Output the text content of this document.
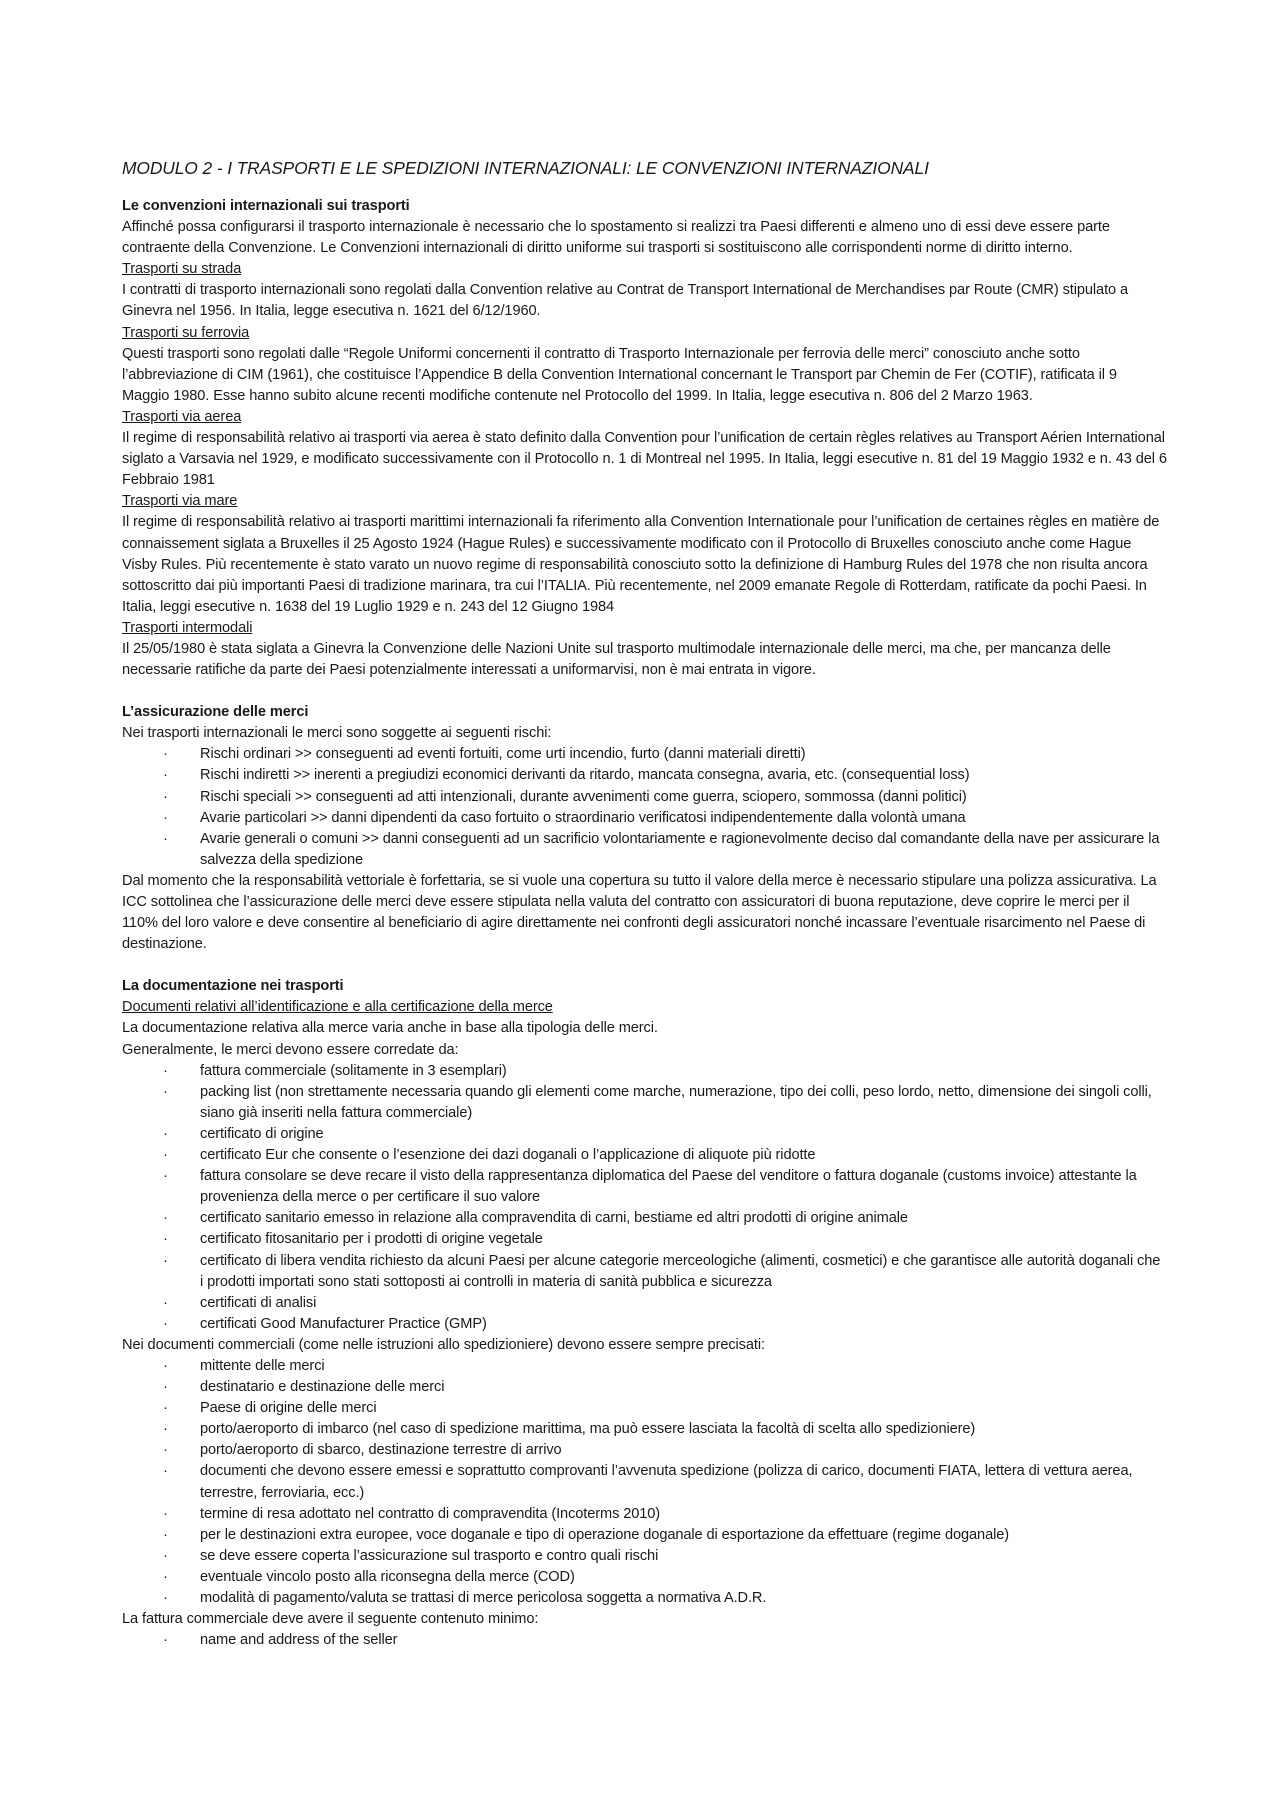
MODULO 2 - I TRASPORTI E LE SPEDIZIONI INTERNAZIONALI: LE CONVENZIONI INTERNAZIONALI

Le convenzioni internazionali sui trasporti

Affinché possa configurarsi il trasporto internazionale è necessario che lo spostamento si realizzi tra Paesi differenti e almeno uno di essi deve essere parte contraente della Convenzione. Le Convenzioni internazionali di diritto uniforme sui trasporti si sostituiscono alle corrispondenti norme di diritto interno.

Trasporti su strada

I contratti di trasporto internazionali sono regolati dalla Convention relative au Contrat de Transport International de Merchandises par Route (CMR) stipulato a Ginevra nel 1956. In Italia, legge esecutiva n. 1621 del 6/12/1960.

Trasporti su ferrovia

Questi trasporti sono regolati dalle “Regole Uniformi concernenti il contratto di Trasporto Internazionale per ferrovia delle merci” conosciuto anche sotto l’abbreviazione di CIM (1961), che costituisce l’Appendice B della Convention International concernant le Transport par Chemin de Fer (COTIF), ratificata il 9 Maggio 1980. Esse hanno subito alcune recenti modifiche contenute nel Protocollo del 1999. In Italia, legge esecutiva n. 806 del 2 Marzo 1963.

Trasporti via aerea

Il regime di responsabilità relativo ai trasporti via aerea è stato definito dalla Convention pour l’unification de certain règles relatives au Transport Aérien International siglato a Varsavia nel 1929, e modificato successivamente con il Protocollo n. 1 di Montreal nel 1995. In Italia, leggi esecutive n. 81 del 19 Maggio 1932 e n. 43 del 6 Febbraio 1981

Trasporti via mare

Il regime di responsabilità relativo ai trasporti marittimi internazionali fa riferimento alla Convention Internationale pour l’unification de certaines règles en matière de connaissement siglata a Bruxelles il 25 Agosto 1924 (Hague Rules) e successivamente modificato con il Protocollo di Bruxelles conosciuto anche come Hague Visby Rules. Più recentemente è stato varato un nuovo regime di responsabilità conosciuto sotto la definizione di Hamburg Rules del 1978 che non risulta ancora sottoscritto dai più importanti Paesi di tradizione marinara, tra cui l’ITALIA. Più recentemente, nel 2009 emanate Regole di Rotterdam, ratificate da pochi Paesi. In Italia, leggi esecutive n. 1638 del 19 Luglio 1929 e n. 243 del 12 Giugno 1984

Trasporti intermodali

Il 25/05/1980 è stata siglata a Ginevra la Convenzione delle Nazioni Unite sul trasporto multimodale internazionale delle merci, ma che, per mancanza delle necessarie ratifiche da parte dei Paesi potenzialmente interessati a uniformarvisi, non è mai entrata in vigore.

L’assicurazione delle merci

Nei trasporti internazionali le merci sono soggette ai seguenti rischi:

· Rischi ordinari >> conseguenti ad eventi fortuiti, come urti incendio, furto (danni materiali diretti)
· Rischi indiretti >> inerenti a pregiudizi economici derivanti da ritardo, mancata consegna, avaria, etc. (consequential loss)
· Rischi speciali >> conseguenti ad atti intenzionali, durante avvenimenti come guerra, sciopero, sommossa (danni politici)
· Avarie particolari >> danni dipendenti da caso fortuito o straordinario verificatosi indipendentemente dalla volontà umana
· Avarie generali o comuni >> danni conseguenti ad un sacrificio volontariamente e ragionevolmente deciso dal comandante della nave per assicurare la salvezza della spedizione

Dal momento che la responsabilità vettoriale è forfettaria, se si vuole una copertura su tutto il valore della merce è necessario stipulare una polizza assicurativa. La ICC sottolinea che l’assicurazione delle merci deve essere stipulata nella valuta del contratto con assicuratori di buona reputazione, deve coprire le merci per il 110% del loro valore e deve consentire al beneficiario di agire direttamente nei confronti degli assicuratori nonché incassare l’eventuale risarcimento nel Paese di destinazione.

La documentazione nei trasporti

Documenti relativi all’identificazione e alla certificazione della merce

La documentazione relativa alla merce varia anche in base alla tipologia delle merci.

Generalmente, le merci devono essere corredate da:

· fattura commerciale (solitamente in 3 esemplari)
· packing list (non strettamente necessaria quando gli elementi come marche, numerazione, tipo dei colli, peso lordo, netto, dimensione dei singoli colli, siano già inseriti nella fattura commerciale)
· certificato di origine
· certificato Eur che consente o l’esenzione dei dazi doganali o l’applicazione di aliquote più ridotte
· fattura consolare se deve recare il visto della rappresentanza diplomatica del Paese del venditore o fattura doganale (customs invoice) attestante la provenienza della merce o per certificare il suo valore
· certificato sanitario emesso in relazione alla compravendita di carni, bestiame ed altri prodotti di origine animale
· certificato fitosanitario per i prodotti di origine vegetale
· certificato di libera vendita richiesto da alcuni Paesi per alcune categorie merceologiche (alimenti, cosmetici) e che garantisce alle autorità doganali che i prodotti importati sono stati sottoposti ai controlli in materia di sanità pubblica e sicurezza
· certificati di analisi
· certificati Good Manufacturer Practice (GMP)

Nei documenti commerciali (come nelle istruzioni allo spedizioniere) devono essere sempre precisati:

· mittente delle merci
· destinatario e destinazione delle merci
· Paese di origine delle merci
· porto/aeroporto di imbarco (nel caso di spedizione marittima, ma può essere lasciata la facoltà di scelta allo spedizioniere)
· porto/aeroporto di sbarco, destinazione terrestre di arrivo
· documenti che devono essere emessi e soprattutto comprovanti l’avvenuta spedizione (polizza di carico, documenti FIATA, lettera di vettura aerea, terrestre, ferroviaria, ecc.)
· termine di resa adottato nel contratto di compravendita (Incoterms 2010)
· per le destinazioni extra europee, voce doganale e tipo di operazione doganale di esportazione da effettuare (regime doganale)
· se deve essere coperta l’assicurazione sul trasporto e contro quali rischi
· eventuale vincolo posto alla riconsegna della merce (COD)
· modalità di pagamento/valuta se trattasi di merce pericolosa soggetta a normativa A.D.R.

La fattura commerciale deve avere il seguente contenuto minimo:

· name and address of the seller
